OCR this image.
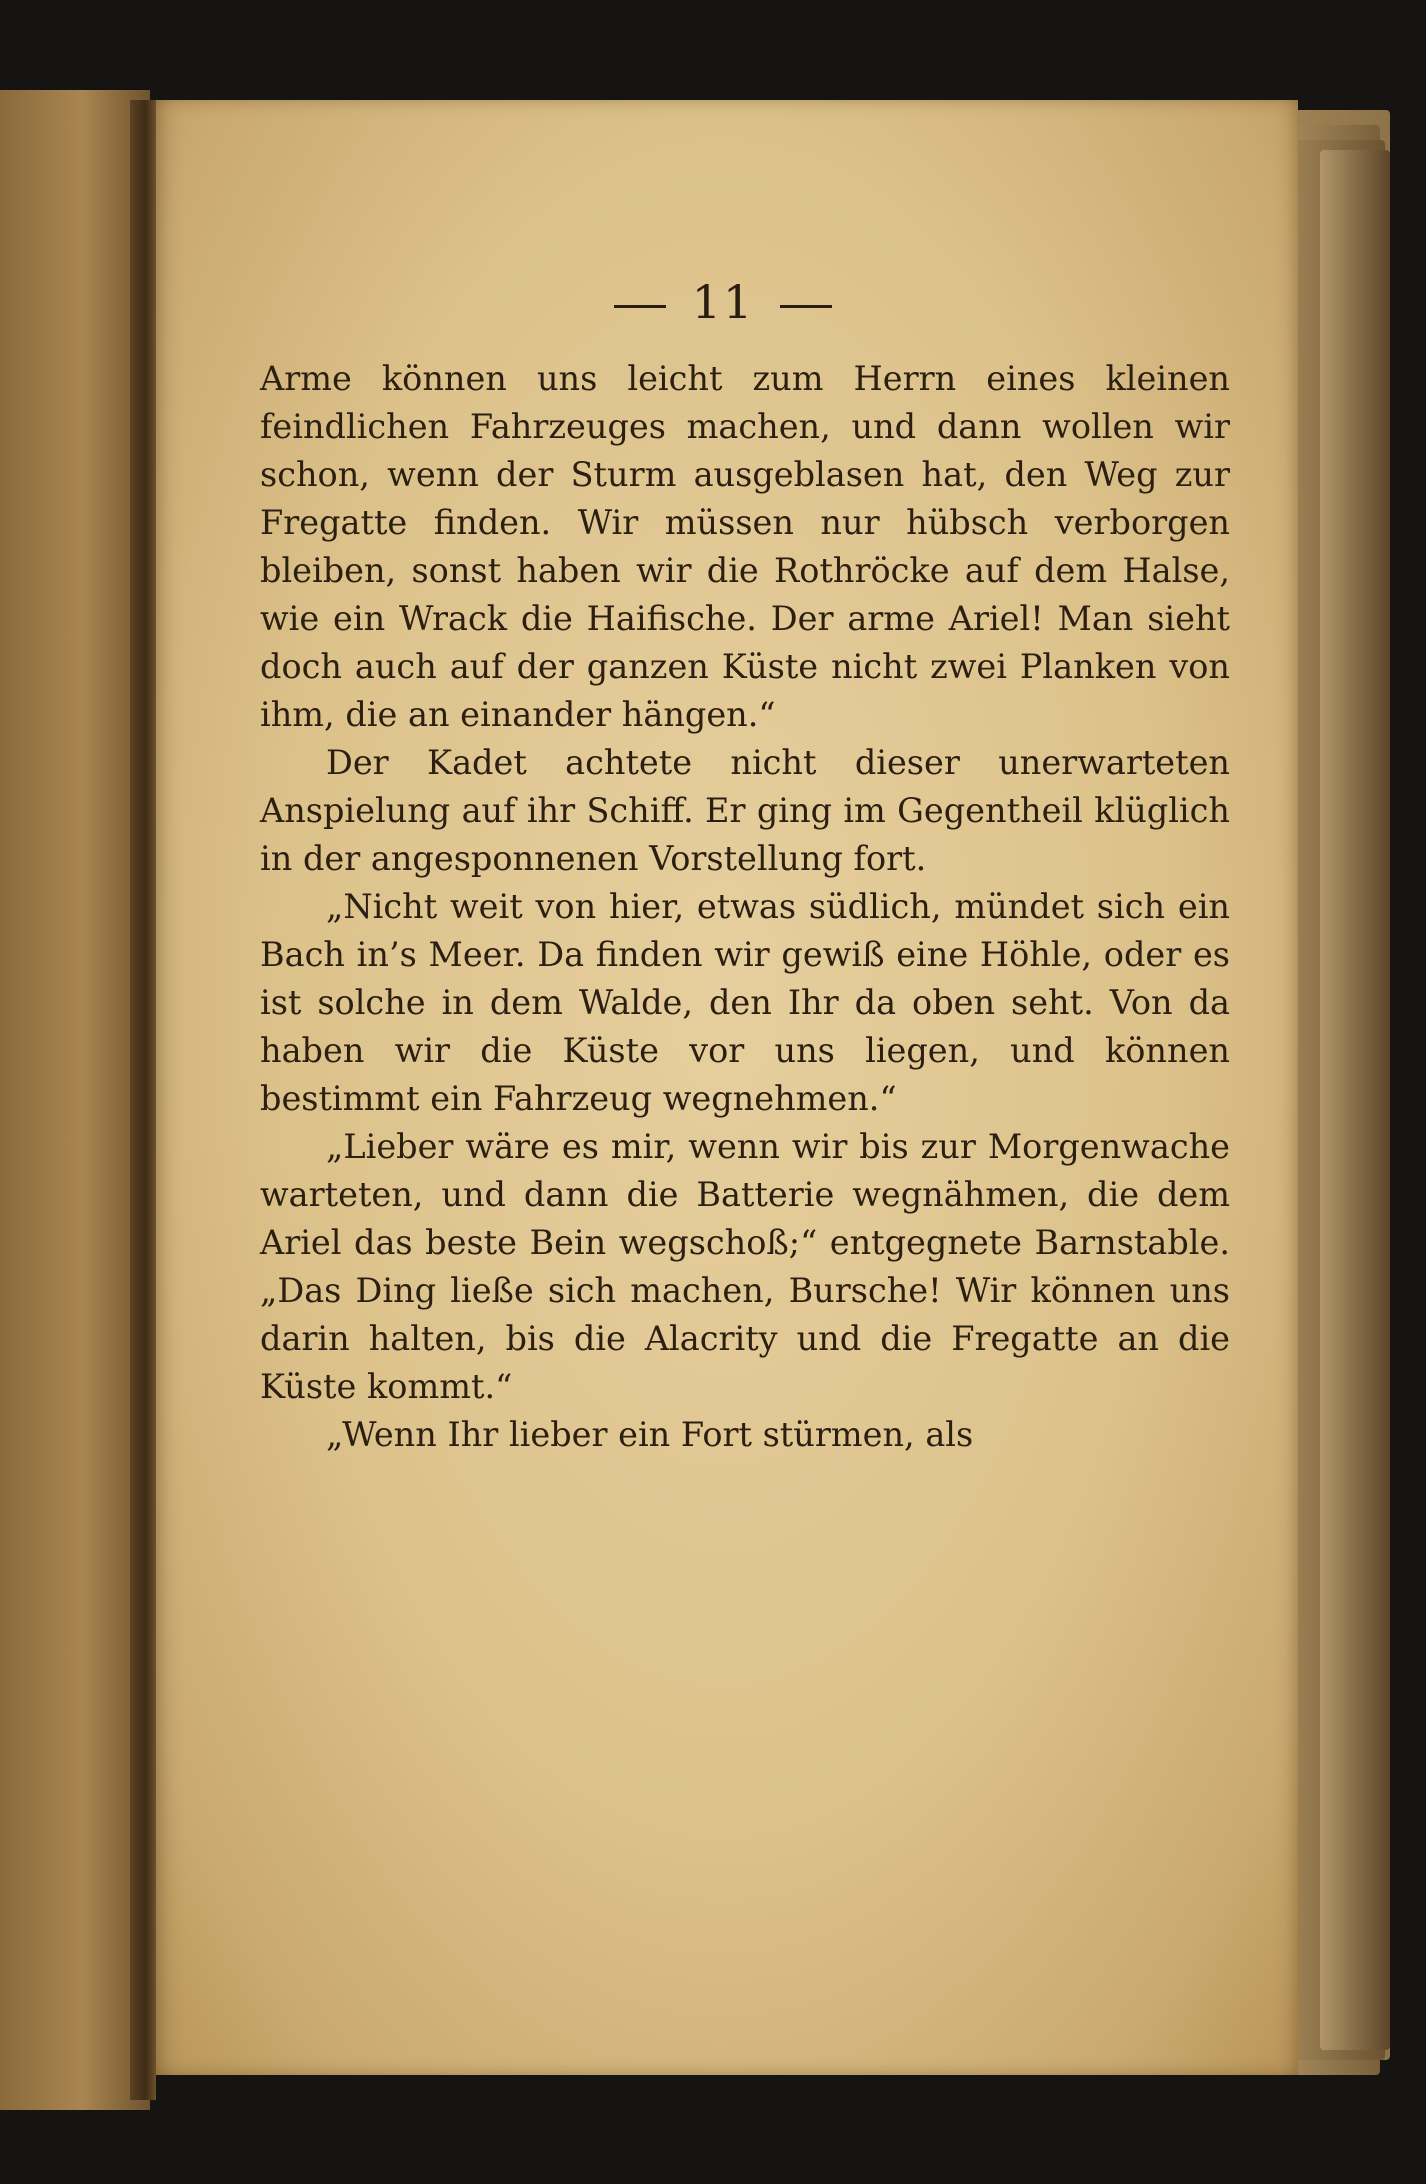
11

Arme können uns leicht zum Herrn eines kleinen feindlichen Fahrzeuges machen, und dann wollen wir schon, wenn der Sturm ausgeblasen hat, den Weg zur Fregatte finden. Wir müssen nur hübsch verborgen bleiben, sonst haben wir die Rothröcke auf dem Halse, wie ein Wrack die Haifische. Der arme Ariel! Man sieht doch auch auf der ganzen Küste nicht zwei Planken von ihm, die an einander hängen.“

Der Kadet achtete nicht dieser unerwarteten Anspielung auf ihr Schiff. Er ging im Gegentheil klüglich in der angesponnenen Vorstellung fort.

„Nicht weit von hier, etwas südlich, mündet sich ein Bach in’s Meer. Da finden wir gewiß eine Höhle, oder es ist solche in dem Walde, den Ihr da oben seht. Von da haben wir die Küste vor uns liegen, und können bestimmt ein Fahrzeug wegnehmen.“

„Lieber wäre es mir, wenn wir bis zur Morgenwache warteten, und dann die Batterie wegnähmen, die dem Ariel das beste Bein wegschoß;“ entgegnete Barnstable. „Das Ding ließe sich machen, Bursche! Wir können uns darin halten, bis die Alacrity und die Fregatte an die Küste kommt.“

„Wenn Ihr lieber ein Fort stürmen, als
